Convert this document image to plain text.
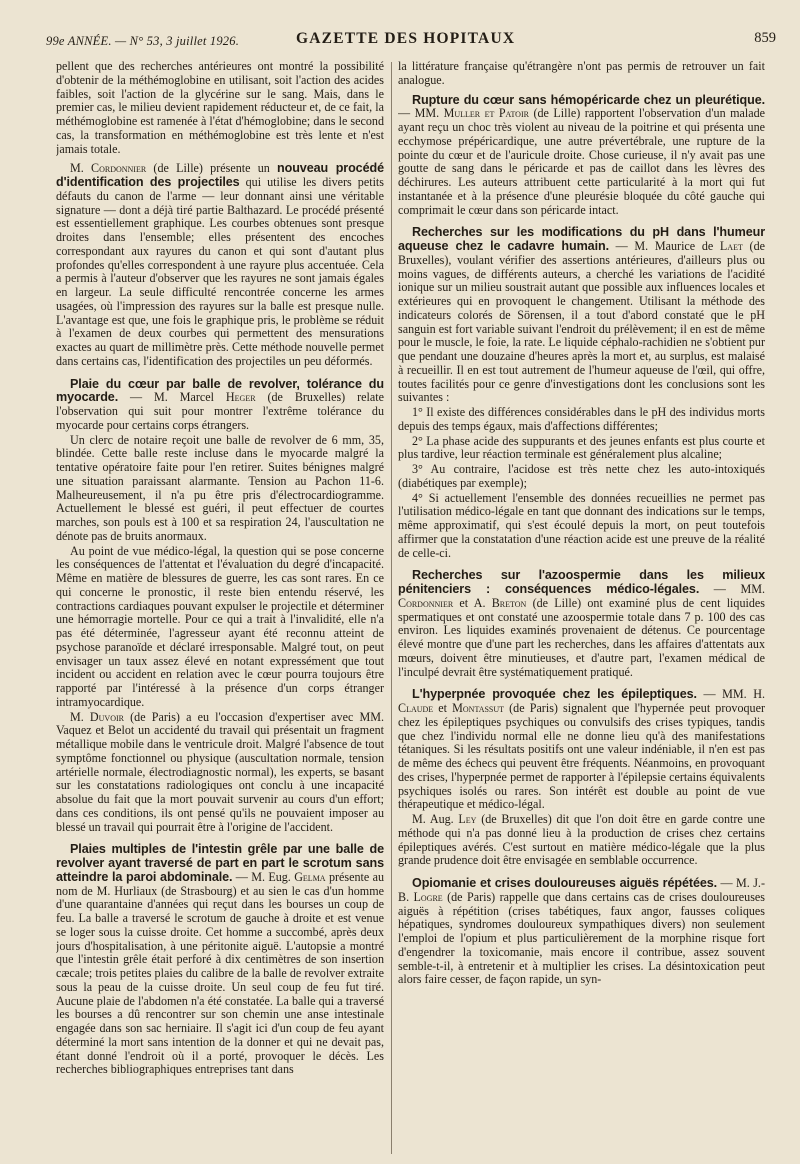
99e ANNÉE. — N° 53, 3 juillet 1926.	GAZETTE DES HOPITAUX	859

pellent que des recherches antérieures ont montré la possibilité d'obtenir de la méthémoglobine en utilisant, soit l'action des acides faibles, soit l'action de la glycérine sur le sang. Mais, dans le premier cas, le milieu devient rapidement réducteur et, de ce fait, la méthémoglobine est ramenée à l'état d'hémoglobine; dans le second cas, la transformation en méthémoglobine est très lente et n'est jamais totale.

M. Cordonnier (de Lille) présente un nouveau procédé d'identification des projectiles qui utilise les divers petits défauts du canon de l'arme — leur donnant ainsi une véritable signature — dont a déjà tiré partie Balthazard. Le procédé présenté est essentiellement graphique. Les courbes obtenues sont presque droites dans l'ensemble; elles présentent des encoches correspondant aux rayures du canon et qui sont d'autant plus profondes qu'elles correspondent à une rayure plus accentuée. Cela a permis à l'auteur d'observer que les rayures ne sont jamais égales en largeur. La seule difficulté rencontrée concerne les armes usagées, où l'impression des rayures sur la balle est presque nulle. L'avantage est que, une fois le graphique pris, le problème se réduit à l'examen de deux courbes qui permettent des mensurations exactes au quart de millimètre près. Cette méthode nouvelle permet dans certains cas, l'identification des projectiles un peu déformés.

Plaie du cœur par balle de revolver, tolérance du myocarde. — M. Marcel Heger (de Bruxelles) relate l'observation qui suit pour montrer l'extrême tolérance du myocarde pour certains corps étrangers.

Un clerc de notaire reçoit une balle de revolver de 6 mm, 35, blindée. Cette balle reste incluse dans le myocarde malgré la tentative opératoire faite pour l'en retirer. Suites bénignes malgré une situation paraissant alarmante. Tension au Pachon 11-6. Malheureusement, il n'a pu être pris d'électrocardiogramme. Actuellement le blessé est guéri, il peut effectuer de courtes marches, son pouls est à 100 et sa respiration 24, l'auscultation ne dénote pas de bruits anormaux.

Au point de vue médico-légal, la question qui se pose concerne les conséquences de l'attentat et l'évaluation du degré d'incapacité. Même en matière de blessures de guerre, les cas sont rares. En ce qui concerne le pronostic, il reste bien entendu réservé, les contractions cardiaques pouvant expulser le projectile et déterminer une hémorragie mortelle. Pour ce qui a trait à l'invalidité, elle n'a pas été déterminée, l'agresseur ayant été reconnu atteint de psychose paranoïde et déclaré irresponsable. Malgré tout, on peut envisager un taux assez élevé en notant expressément que tout incident ou accident en relation avec le cœur pourra toujours être rapporté par l'intéressé à la présence d'un corps étranger intramyocardique.

M. Duvoir (de Paris) a eu l'occasion d'expertiser avec MM. Vaquez et Belot un accidenté du travail qui présentait un fragment métallique mobile dans le ventricule droit. Malgré l'absence de tout symptôme fonctionnel ou physique (auscultation normale, tension artérielle normale, électrodiagnostic normal), les experts, se basant sur les constatations radiologiques ont conclu à une incapacité absolue du fait que la mort pouvait survenir au cours d'un effort; dans ces conditions, ils ont pensé qu'ils ne pouvaient imposer au blessé un travail qui pourrait être à l'origine de l'accident.

Plaies multiples de l'intestin grêle par une balle de revolver ayant traversé de part en part le scrotum sans atteindre la paroi abdominale. — M. Eug. Gelma présente au nom de M. Hurliaux (de Strasbourg) et au sien le cas d'un homme d'une quarantaine d'années qui reçut dans les bourses un coup de feu. La balle a traversé le scrotum de gauche à droite et est venue se loger sous la cuisse droite. Cet homme a succombé, après deux jours d'hospitalisation, à une péritonite aiguë. L'autopsie a montré que l'intestin grêle était perforé à dix centimètres de son insertion cæcale; trois petites plaies du calibre de la balle de revolver extraite sous la peau de la cuisse droite. Un seul coup de feu fut tiré. Aucune plaie de l'abdomen n'a été constatée. La balle qui a traversé les bourses a dû rencontrer sur son chemin une anse intestinale engagée dans son sac herniaire. Il s'agit ici d'un coup de feu ayant déterminé la mort sans intention de la donner et qui ne devait pas, étant donné l'endroit où il a porté, provoquer le décès. Les recherches bibliographiques entreprises tant dans

la littérature française qu'étrangère n'ont pas permis de retrouver un fait analogue.

Rupture du cœur sans hémopéricarde chez un pleurétique. — MM. Muller et Patoir (de Lille) rapportent l'observation d'un malade ayant reçu un choc très violent au niveau de la poitrine et qui présenta une ecchymose prépéricardique, une autre prévertébrale, une rupture de la pointe du cœur et de l'auricule droite. Chose curieuse, il n'y avait pas une goutte de sang dans le péricarde et pas de caillot dans les lèvres des déchirures. Les auteurs attribuent cette particularité à la mort qui fut instantanée et à la présence d'une pleurésie bloquée du côté gauche qui comprimait le cœur dans son péricarde intact.

Recherches sur les modifications du pH dans l'humeur aqueuse chez le cadavre humain. — M. Maurice de Laet (de Bruxelles), voulant vérifier des assertions antérieures, d'ailleurs plus ou moins vagues, de différents auteurs, a cherché les variations de l'acidité ionique sur un milieu soustrait autant que possible aux influences locales et extérieures qui en provoquent le changement. Utilisant la méthode des indicateurs colorés de Sörensen, il a tout d'abord constaté que le pH sanguin est fort variable suivant l'endroit du prélèvement; il en est de même pour le muscle, le foie, la rate. Le liquide céphalo-rachidien ne s'obtient pur que pendant une douzaine d'heures après la mort et, au surplus, est malaisé à recueillir. Il en est tout autrement de l'humeur aqueuse de l'œil, qui offre, toutes facilités pour ce genre d'investigations dont les conclusions sont les suivantes :

1° Il existe des différences considérables dans le pH des individus morts depuis des temps égaux, mais d'affections différentes;

2° La phase acide des suppurants et des jeunes enfants est plus courte et plus tardive, leur réaction terminale est généralement plus alcaline;

3° Au contraire, l'acidose est très nette chez les auto-intoxiqués (diabétiques par exemple);

4° Si actuellement l'ensemble des données recueillies ne permet pas l'utilisation médico-légale en tant que donnant des indications sur le temps, même approximatif, qui s'est écoulé depuis la mort, on peut toutefois affirmer que la constatation d'une réaction acide est une preuve de la réalité de celle-ci.

Recherches sur l'azoospermie dans les milieux pénitenciers : conséquences médico-légales. — MM. Cordonnier et A. Breton (de Lille) ont examiné plus de cent liquides spermatiques et ont constaté une azoospermie totale dans 7 p. 100 des cas environ. Les liquides examinés provenaient de détenus. Ce pourcentage élevé montre que d'une part les recherches, dans les affaires d'attentats aux mœurs, doivent être minutieuses, et d'autre part, l'examen médical de l'inculpé devrait être systématiquement pratiqué.

L'hyperpnée provoquée chez les épileptiques. — MM. H. Claude et Montassut (de Paris) signalent que l'hypernée peut provoquer chez les épileptiques psychiques ou convulsifs des crises typiques, tandis que chez l'individu normal elle ne donne lieu qu'à des manifestations tétaniques. Si les résultats positifs ont une valeur indéniable, il n'en est pas de même des échecs qui peuvent être fréquents. Néanmoins, en provoquant des crises, l'hyperpnée permet de rapporter à l'épilepsie certains équivalents psychiques isolés ou rares. Son intérêt est double au point de vue thérapeutique et médico-légal.

M. Aug. Ley (de Bruxelles) dit que l'on doit être en garde contre une méthode qui n'a pas donné lieu à la production de crises chez certains épileptiques avérés. C'est surtout en matière médico-légale que la plus grande prudence doit être envisagée en semblable occurrence.

Opiomanie et crises douloureuses aiguës répétées. — M. J.-B. Logre (de Paris) rappelle que dans certains cas de crises douloureuses aiguës à répétition (crises tabétiques, faux angor, fausses coliques hépatiques, syndromes douloureux sympathiques divers) non seulement l'emploi de l'opium et plus particulièrement de la morphine risque fort d'engendrer la toxicomanie, mais encore il contribue, assez souvent semble-t-il, à entretenir et à multiplier les crises. La désintoxication peut alors faire cesser, de façon rapide, un syn-
